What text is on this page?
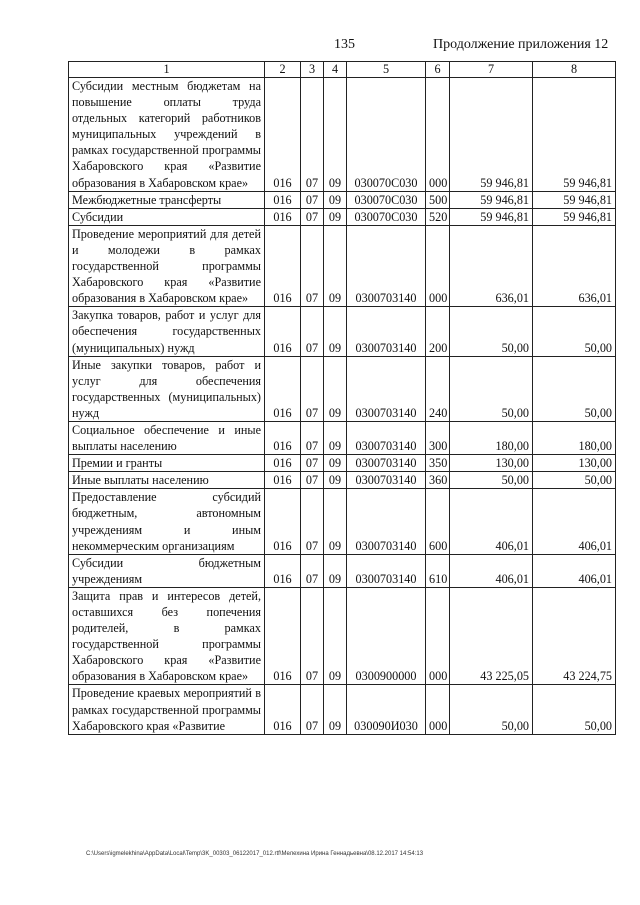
135	Продолжение приложения 12
1	2	3	4	5	6	7	8
Субсидии местным бюджетам на повышение оплаты труда отдельных категорий работников муниципальных учреждений в рамках государственной программы Хабаровского края «Развитие образования в Хабаровском крае»	016	07	09	030070С030	000	59 946,81	59 946,81
Межбюджетные трансферты	016	07	09	030070С030	500	59 946,81	59 946,81
Субсидии	016	07	09	030070С030	520	59 946,81	59 946,81
Проведение мероприятий для детей и молодежи в рамках государственной программы Хабаровского края «Развитие образования в Хабаровском крае»	016	07	09	0300703140	000	636,01	636,01
Закупка товаров, работ и услуг для обеспечения государственных (муниципальных) нужд	016	07	09	0300703140	200	50,00	50,00
Иные закупки товаров, работ и услуг для обеспечения государственных (муниципальных) нужд	016	07	09	0300703140	240	50,00	50,00
Социальное обеспечение и иные выплаты населению	016	07	09	0300703140	300	180,00	180,00
Премии и гранты	016	07	09	0300703140	350	130,00	130,00
Иные выплаты населению	016	07	09	0300703140	360	50,00	50,00
Предоставление субсидий бюджетным, автономным учреждениям и иным некоммерческим организациям	016	07	09	0300703140	600	406,01	406,01
Субсидии бюджетным учреждениям	016	07	09	0300703140	610	406,01	406,01
Защита прав и интересов детей, оставшихся без попечения родителей, в рамках государственной программы Хабаровского края «Развитие образования в Хабаровском крае»	016	07	09	0300900000	000	43 225,05	43 224,75
Проведение краевых мероприятий в рамках государственной программы Хабаровского края «Развитие	016	07	09	030090И030	000	50,00	50,00
C:\Users\igmelekhina\AppData\Local\Temp\3K_00303_06122017_012.rtf\Мелехина Ирина Геннадьевна\08.12.2017 14:54:13
